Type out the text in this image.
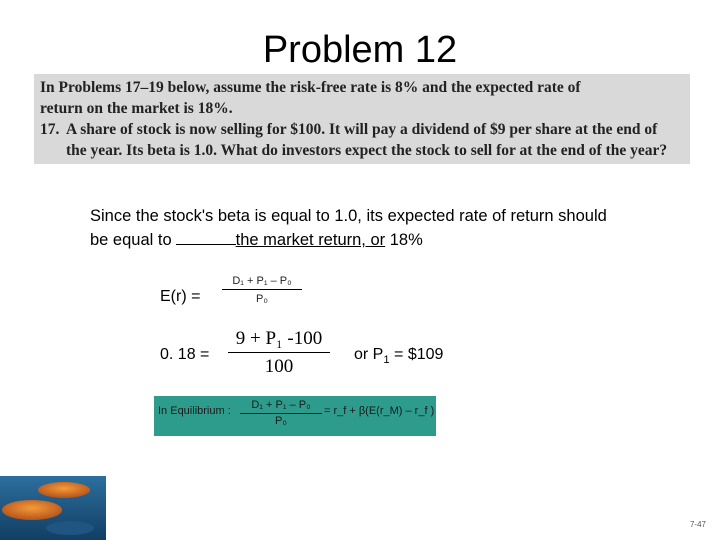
Problem 12
In Problems 17–19 below, assume the risk-free rate is 8% and the expected rate of
return on the market is 18%.
17. A share of stock is now selling for $100. It will pay a dividend of $9 per share at the end of
the year. Its beta is 1.0. What do investors expect the stock to sell for at the end of the year?
Since the stock's beta is equal to 1.0, its expected rate of return should
be equal to	the market return, or 18%
E(r) =
D₁ + P₁ – P₀
P₀
0. 18 =
9 + P₁ -100
100
or $P_1$ = $109
In Equilibrium :	D₁ + P₁ – P₀
P₀
= r_f + β(E(r_M) – r_f )
7-47
